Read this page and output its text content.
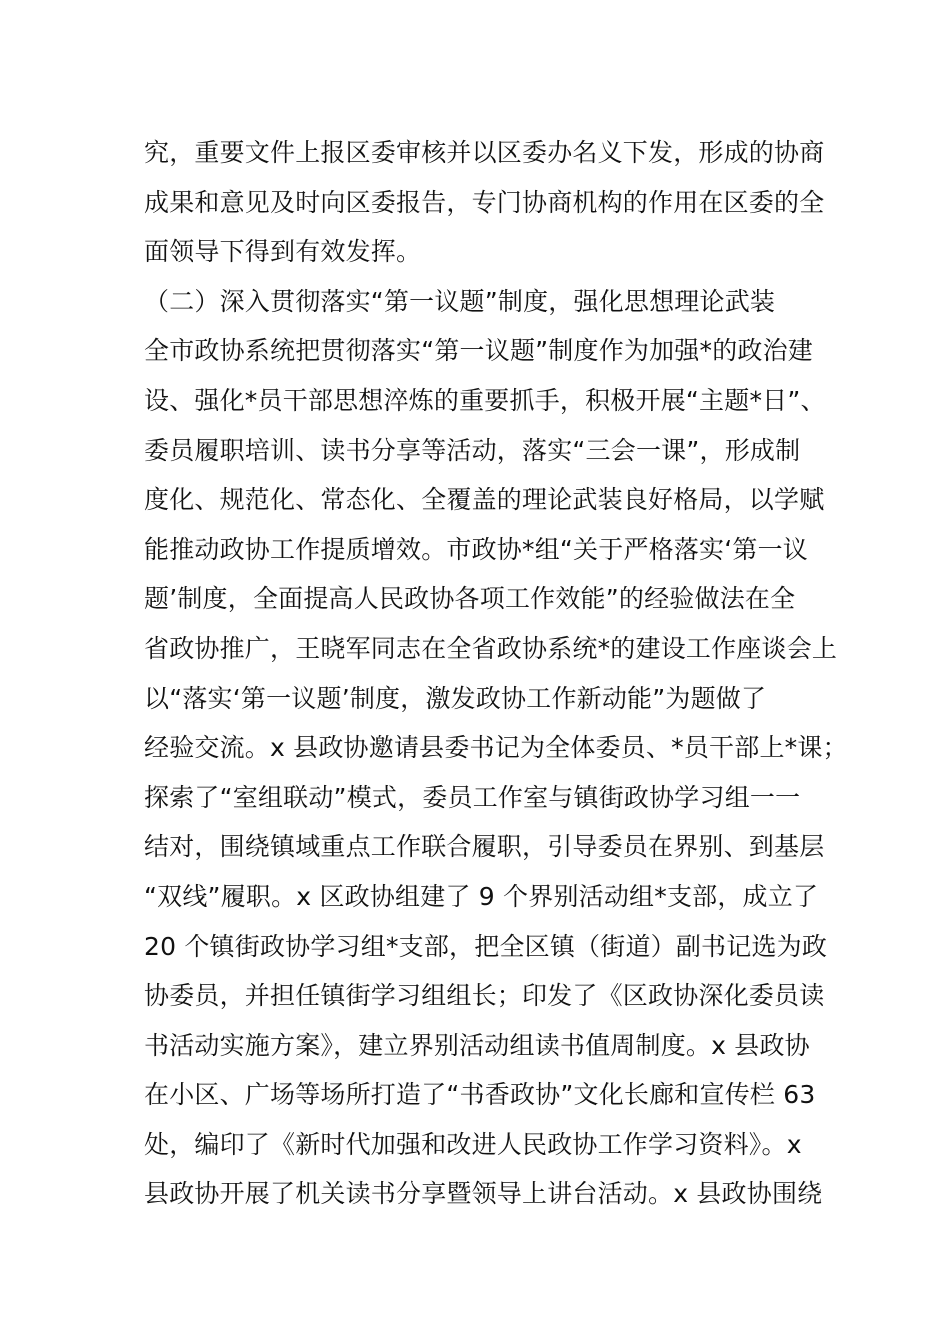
究，重要文件上报区委审核并以区委办名义下发，形成的协商
成果和意见及时向区委报告，专门协商机构的作用在区委的全
面领导下得到有效发挥。
（二）深入贯彻落实“第一议题”制度，强化思想理论武装
全市政协系统把贯彻落实“第一议题”制度作为加强*的政治建
设、强化*员干部思想淬炼的重要抓手，积极开展“主题*日”、
委员履职培训、读书分享等活动，落实“三会一课”，形成制
度化、规范化、常态化、全覆盖的理论武装良好格局，以学赋
能推动政协工作提质增效。市政协*组“关于严格落实‘第一议
题’制度，全面提高人民政协各项工作效能”的经验做法在全
省政协推广，王晓军同志在全省政协系统*的建设工作座谈会上
以“落实‘第一议题’制度，激发政协工作新动能”为题做了
经验交流。x 县政协邀请县委书记为全体委员、*员干部上*课；
探索了“室组联动”模式，委员工作室与镇街政协学习组一一
结对，围绕镇域重点工作联合履职，引导委员在界别、到基层
“双线”履职。x 区政协组建了 9 个界别活动组*支部，成立了
20 个镇街政协学习组*支部，把全区镇（街道）副书记选为政
协委员，并担任镇街学习组组长；印发了《区政协深化委员读
书活动实施方案》，建立界别活动组读书值周制度。x 县政协
在小区、广场等场所打造了“书香政协”文化长廊和宣传栏 63
处，编印了《新时代加强和改进人民政协工作学习资料》。x
县政协开展了机关读书分享暨领导上讲台活动。x 县政协围绕
